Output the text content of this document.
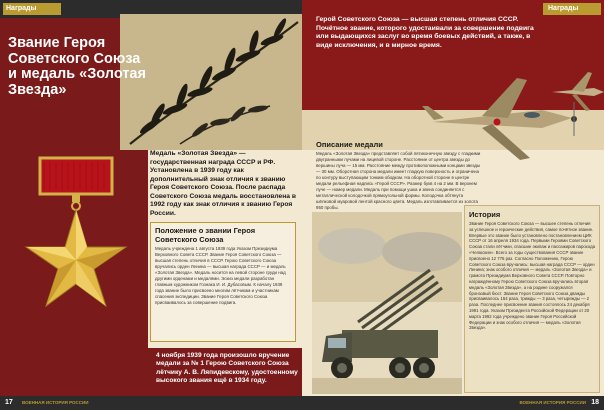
Награды
Звание Героя Советского Союза и медаль «Золотая Звезда»
Медаль «Золотая Звезда» — государственная награда СССР и РФ. Установлена в 1939 году как дополнительный знак отличия к званию Героя Советского Союза. После распада Советского Союза медаль восстановлена в 1992 году как знак отличия к званию Героя России.
Положение о звании Героя Советского Союза
Медаль учреждена 1 августа 1939 года Указом Президиума Верховного Совета СССР. Звание Героя Советского Союза — высшая степень отличия в СССР. Герою Советского Союза вручались орден Ленина — высшая награда СССР — и медаль «Золотая Звезда». Медаль носится на левой стороне груди над другими орденами и медалями. Эскиз медали разработан главным художником Гознака И. И. Дубасовым. К началу 1939 года звание было присвоено многим лётчикам и участникам спасения экспедиции. Звание Героя Советского Союза присваивалось за совершение подвига.
4 ноября 1939 года произошло вручение медали за № 1 Герою Советского Союза лётчику А. В. Ляпидевскому, удостоенному высокого звания ещё в 1934 году.
17 ВОЕННАЯ ИСТОРИЯ РОССИИ
Награды
Герой Советского Союза — высшая степень отличия СССР. Почётное звание, которого удостаивали за совершение подвига или выдающихся заслуг во время боевых действий, а также, в виде исключения, и в мирное время.
Описание медали
Медаль «Золотая Звезда» представляет собой пятиконечную звезду с гладкими двугранными лучами на лицевой стороне. Расстояние от центра звезды до вершины луча — 15 мм. Расстояние между противоположными концами звезды — 30 мм. Оборотная сторона медали имеет гладкую поверхность и ограничена по контуру выступающим тонким ободком. На оборотной стороне в центре медали рельефная надпись «Герой СССР». Размер букв 4 на 2 мм. В верхнем луче — номер медали. Медаль при помощи ушка и звена соединяется с металлической колодочкой прямоугольной формы. Колодочка обтянута шёлковой муаровой лентой красного цвета. Медаль изготавливается из золота 950 пробы.
История
Звание Героя Советского Союза — высшее степень отличия за успешное и героические действия, самое почётное звание. Впервые это звание было установлено постановлением ЦИК СССР от 16 апреля 1934 года. Первыми Героями Советского Союза стали лётчики, спасшие экипаж и пассажиров парохода «Челюскин». Всего за годы существования СССР звание присвоено 12 776 раз. Согласно Положению, Герою Советского Союза вручались: высшая награда СССР — орден Ленина; знак особого отличия — медаль «Золотая Звезда» и грамота Президиума Верховного Совета СССР. Повторно награждённому Герою Советского Союза вручались вторая медаль «Золотая Звезда», а на родине сооружался бронзовый бюст. Звание Героя Советского Союза дважды присваивалось 154 раза, трижды — 3 раза, четырежды — 2 раза. Последнее присвоение звания состоялось 24 декабря 1991 года. Указом Президента Российской Федерации от 20 марта 1992 года учреждено звание Героя Российской Федерации и знак особого отличия — медаль «Золотая Звезда».
ВОЕННАЯ ИСТОРИЯ РОССИИ 18
